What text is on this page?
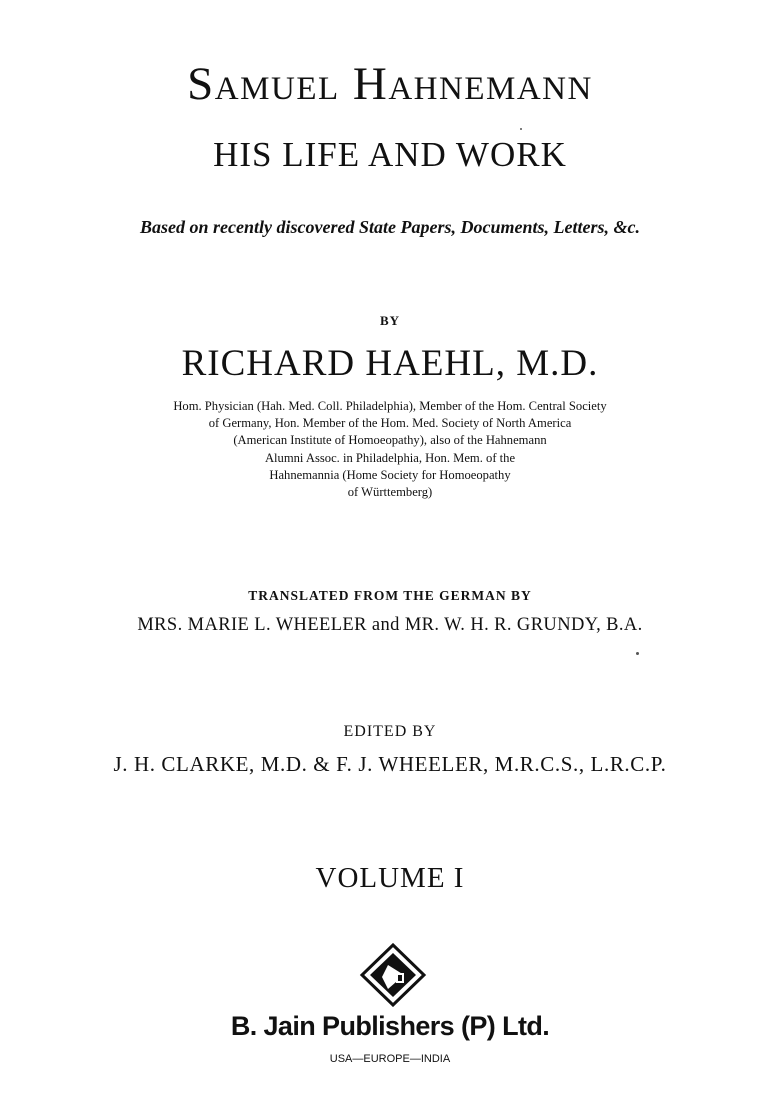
Samuel Hahnemann
HIS LIFE AND WORK
Based on recently discovered State Papers, Documents, Letters, &c.
BY
RICHARD HAEHL, M.D.
Hom. Physician (Hah. Med. Coll. Philadelphia), Member of the Hom. Central Society
of Germany, Hon. Member of the Hom. Med. Society of North America
(American Institute of Homoeopathy), also of the Hahnemann
Alumni Assoc. in Philadelphia, Hon. Mem. of the
Hahnemannia (Home Society for Homoeopathy
of Württemberg)
TRANSLATED FROM THE GERMAN BY
MRS. MARIE L. WHEELER and MR. W. H. R. GRUNDY, B.A.
EDITED BY
J. H. CLARKE, M.D. & F. J. WHEELER, M.R.C.S., L.R.C.P.
VOLUME I
B. Jain Publishers (P) Ltd.
USA—EUROPE—INDIA
